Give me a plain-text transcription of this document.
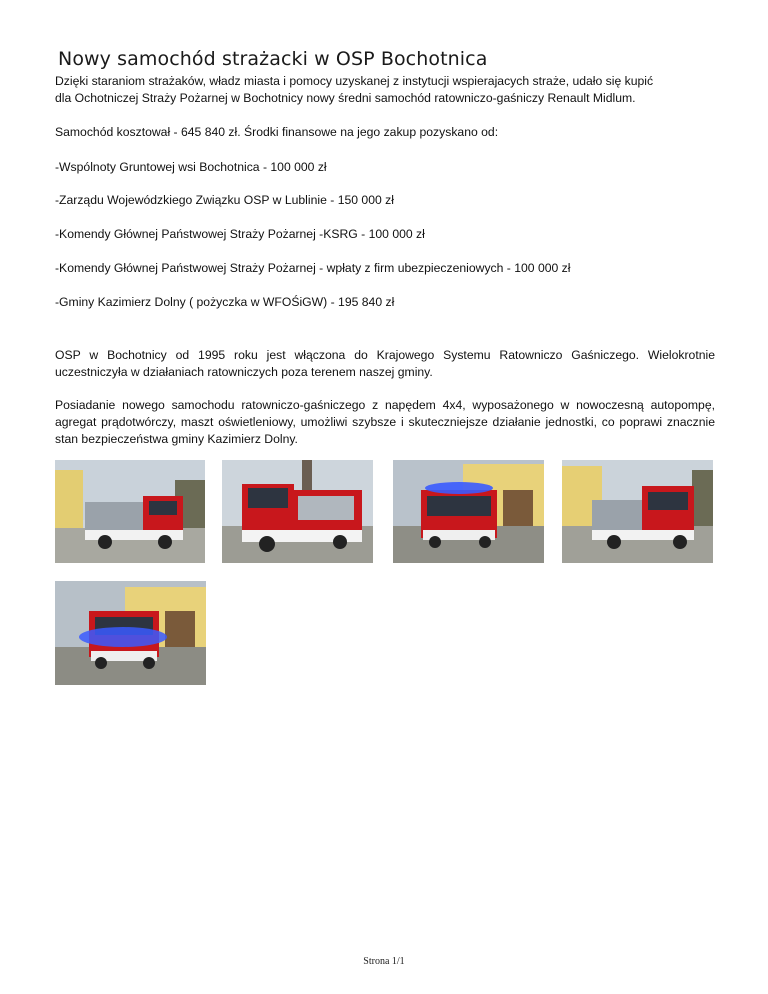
Nowy samochód strażacki w OSP Bochotnica

Dzięki staraniom strażaków, władz miasta i pomocy uzyskanej z instytucji wspierajacych straże, udało się kupić
dla Ochotniczej Straży Pożarnej w Bochotnicy nowy średni samochód ratowniczo-gaśniczy Renault Midlum.

Samochód kosztował - 645 840 zł. Środki finansowe na jego zakup pozyskano od:

-Wspólnoty Gruntowej wsi Bochotnica - 100 000 zł

-Zarządu Wojewódzkiego Związku OSP w Lublinie - 150 000 zł

-Komendy Głównej Państwowej Straży Pożarnej -KSRG - 100 000 zł

-Komendy Głównej Państwowej Straży Pożarnej - wpłaty z firm ubezpieczeniowych - 100 000 zł

-Gminy Kazimierz Dolny ( pożyczka w WFOŚiGW) - 195 840 zł

OSP w Bochotnicy od 1995 roku jest włączona do Krajowego Systemu Ratowniczo Gaśniczego. Wielokrotnie uczestniczyła w działaniach ratowniczych poza terenem naszej gminy.

Posiadanie nowego samochodu ratowniczo-gaśniczego z napędem 4x4, wyposażonego w nowoczesną autopompę, agregat prądotwórczy, maszt oświetleniowy, umożliwi szybsze i skuteczniejsze działanie jednostki, co poprawi znacznie stan bezpieczeństwa gminy Kazimierz Dolny.

Strona 1/1
